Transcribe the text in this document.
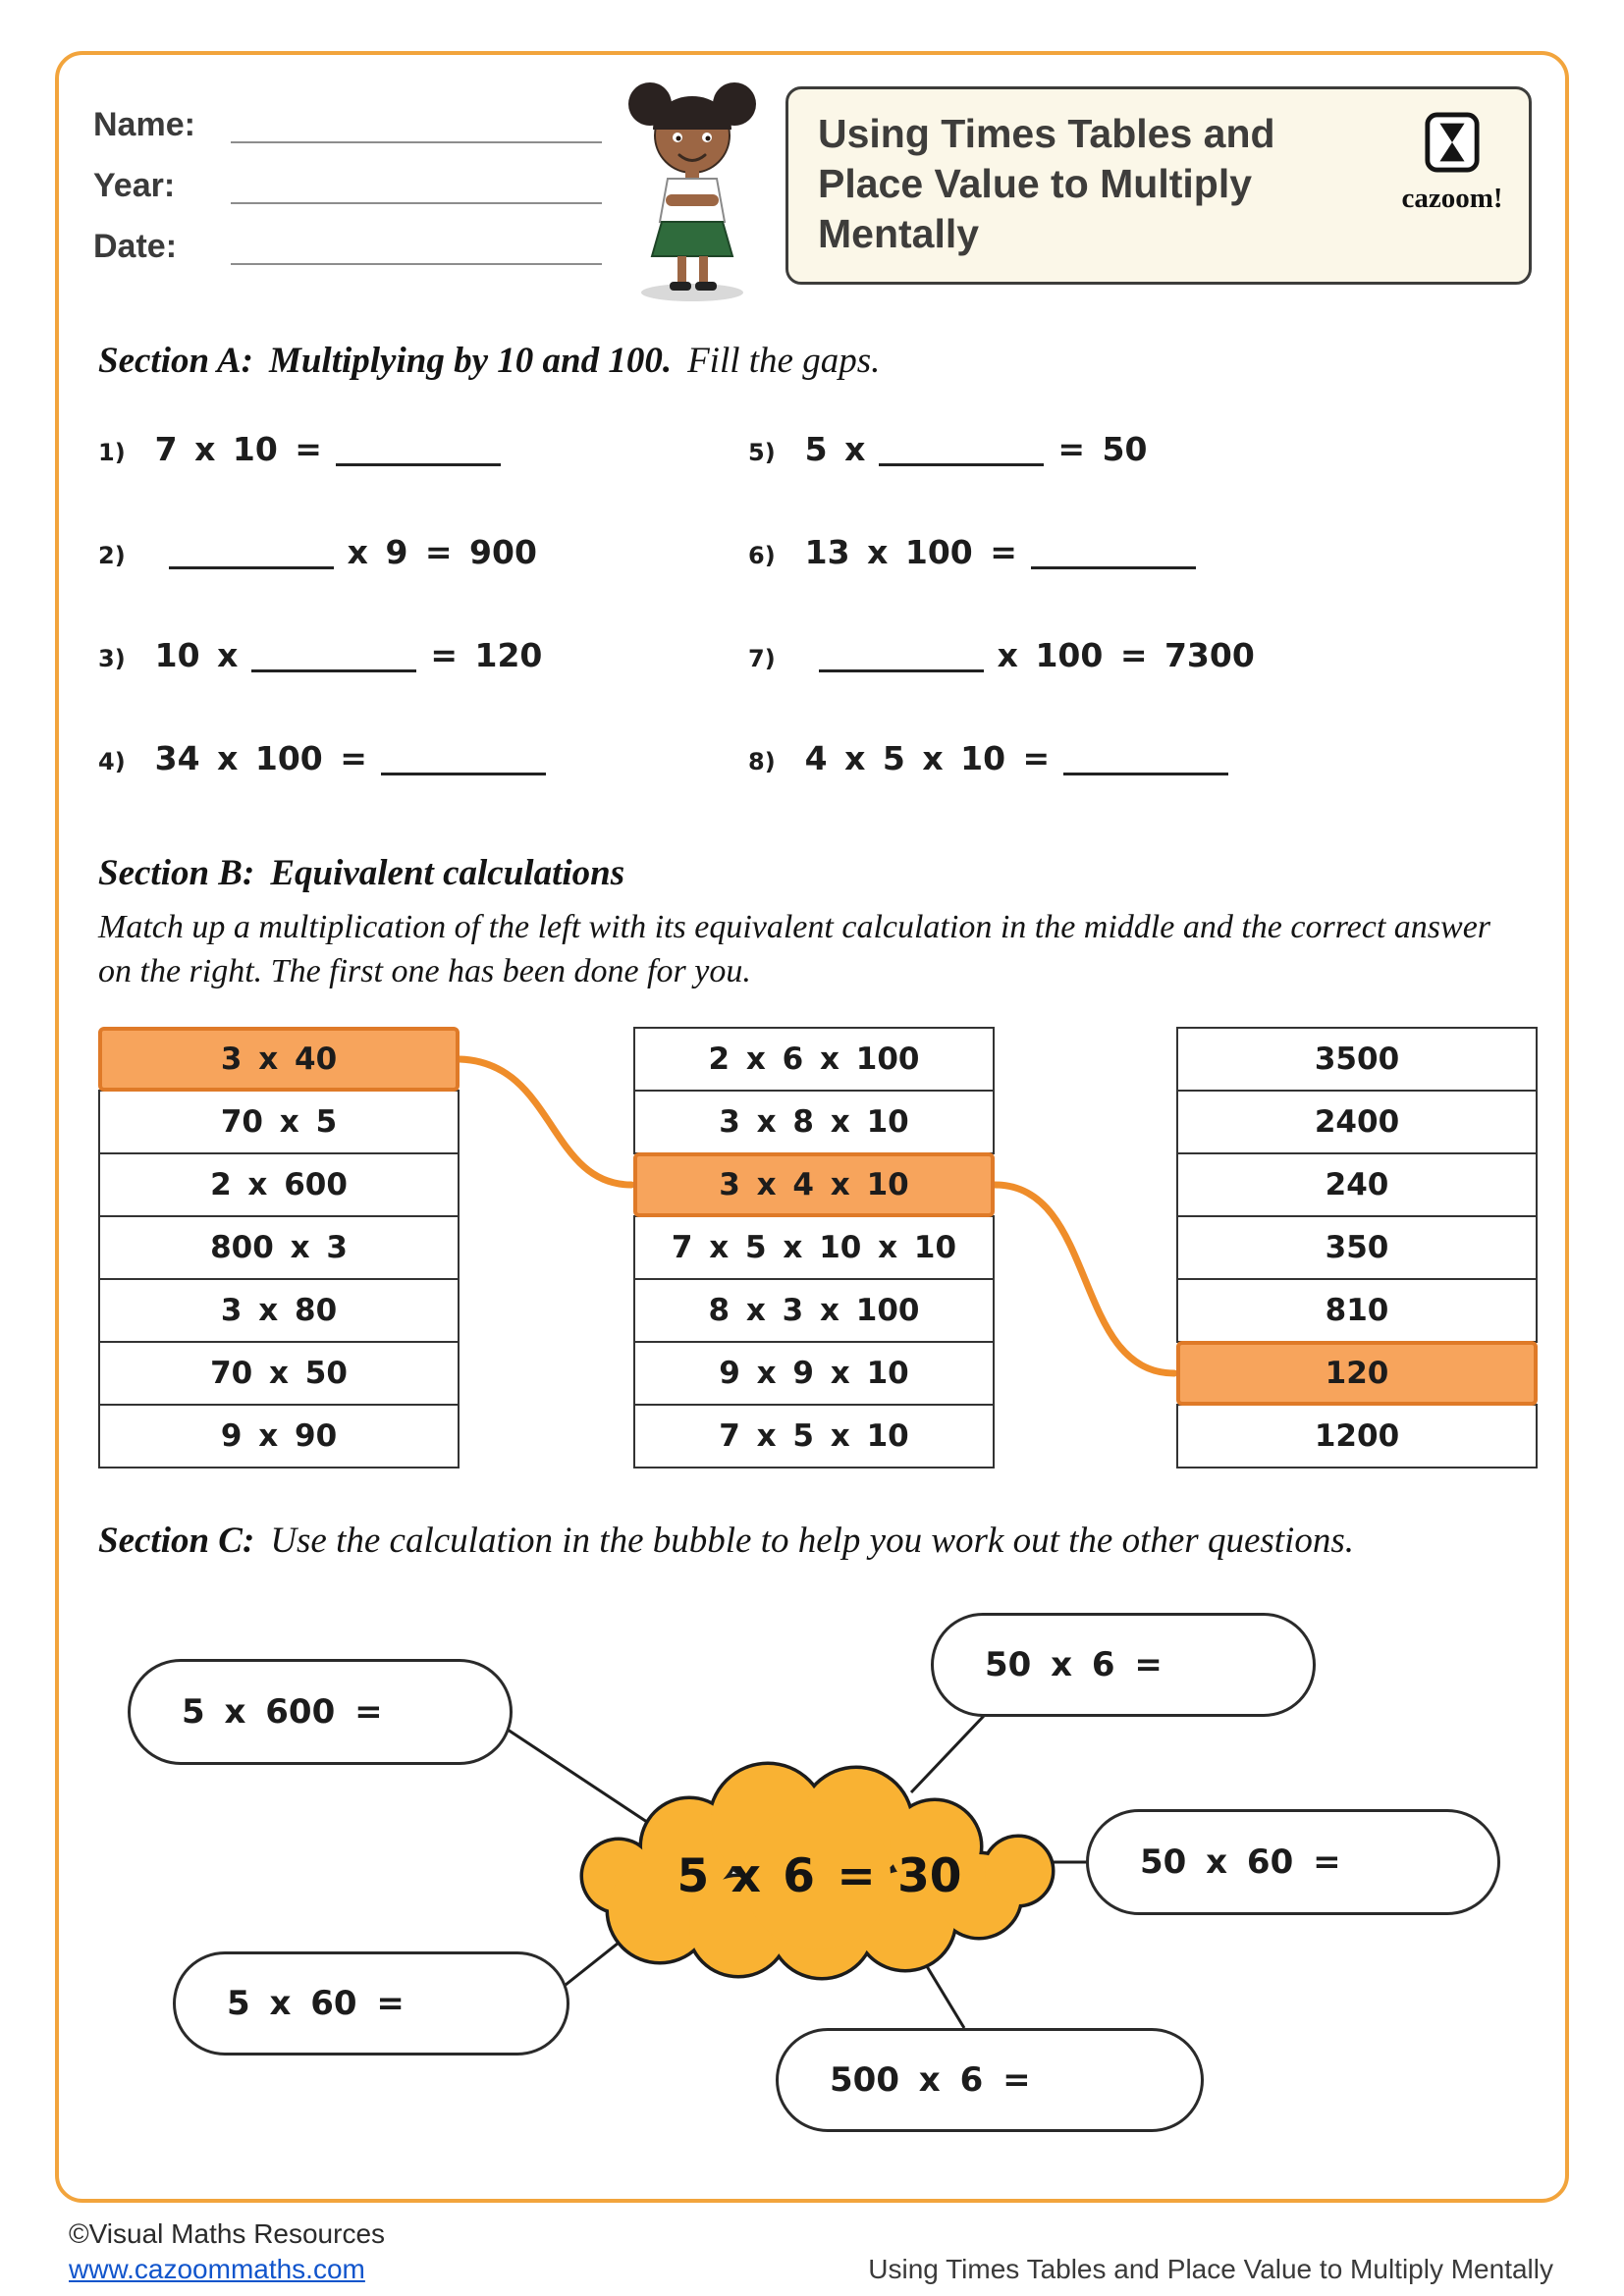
Name:
Year:
Date:
Using Times Tables and
Place Value to Multiply
Mentally
cazoom!
Section A: Multiplying by 10 and 100. Fill the gaps.
1) 7 x 10 =
2)	x 9 = 900
3) 10 x	= 120
4) 34 x 100 =
5) 5 x	= 50
6) 13 x 100 =
7)	x 100 = 7300
8) 4 x 5 x 10 =
Section B: Equivalent calculations

Match up a multiplication of the left with its equivalent calculation in the middle and the correct answer on the right. The first one has been done for you.

3 x 40
70 x 5
2 x 600
800 x 3
3 x 80
70 x 50
9 x 90
2 x 6 x 100
3 x 8 x 10
3 x 4 x 10
7 x 5 x 10 x 10
8 x 3 x 100
9 x 9 x 10
7 x 5 x 10
3500
2400
240
350
810
120
1200
Section C: Use the calculation in the bubble to help you work out the other questions.
5 x 600 =
50 x 6 =
50 x 60 =
5 x 60 =
500 x 6 =
5 x 6 = 30
©Visual Maths Resources
www.cazoommaths.com	Using Times Tables and Place Value to Multiply Mentally
